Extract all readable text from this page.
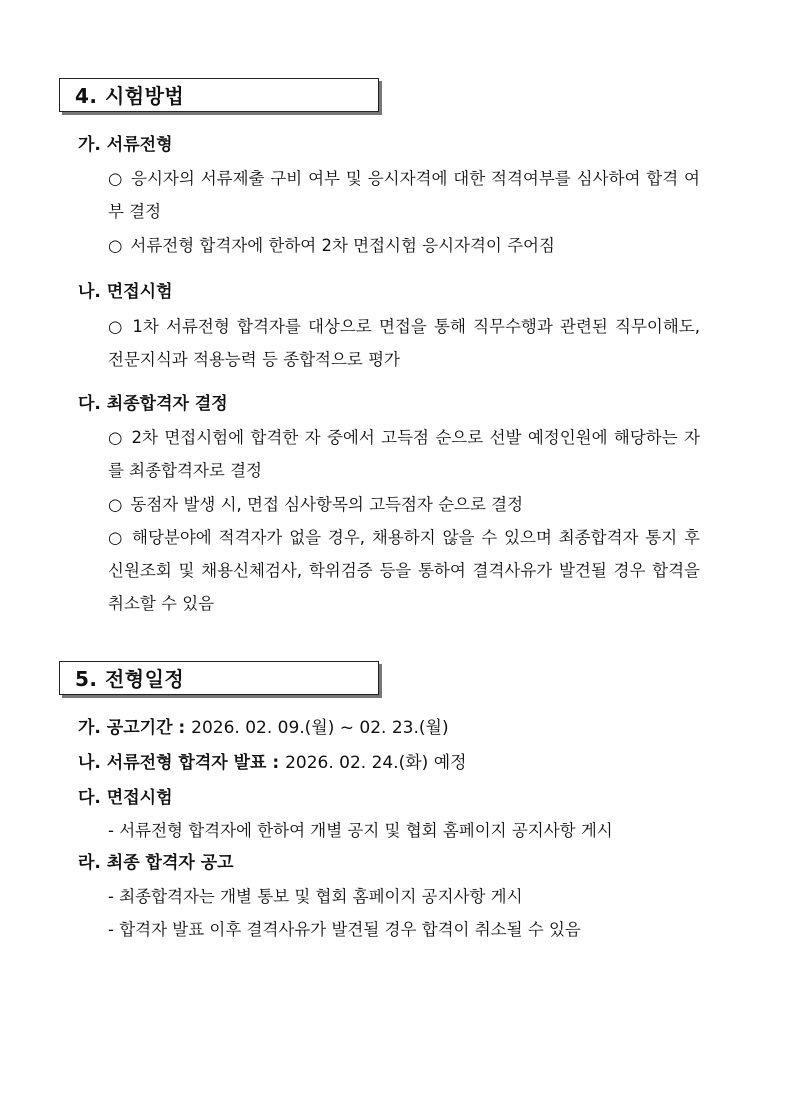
4. 시험방법
가. 서류전형
○ 응시자의 서류제출 구비 여부 및 응시자격에 대한 적격여부를 심사하여 합격 여부 결정
○ 서류전형 합격자에 한하여 2차 면접시험 응시자격이 주어짐
나. 면접시험
○ 1차 서류전형 합격자를 대상으로 면접을 통해 직무수행과 관련된 직무이해도, 전문지식과 적용능력 등 종합적으로 평가
다. 최종합격자 결정
○ 2차 면접시험에 합격한 자 중에서 고득점 순으로 선발 예정인원에 해당하는 자를 최종합격자로 결정
○ 동점자 발생 시, 면접 심사항목의 고득점자 순으로 결정
○ 해당분야에 적격자가 없을 경우, 채용하지 않을 수 있으며 최종합격자 통지 후 신원조회 및 채용신체검사, 학위검증 등을 통하여 결격사유가 발견될 경우 합격을 취소할 수 있음
5. 전형일정
가. 공고기간 : 2026. 02. 09.(월) ~ 02. 23.(월)
나. 서류전형 합격자 발표 : 2026. 02. 24.(화) 예정
다. 면접시험
- 서류전형 합격자에 한하여 개별 공지 및 협회 홈페이지 공지사항 게시
라. 최종 합격자 공고
- 최종합격자는 개별 통보 및 협회 홈페이지 공지사항 게시
- 합격자 발표 이후 결격사유가 발견될 경우 합격이 취소될 수 있음
